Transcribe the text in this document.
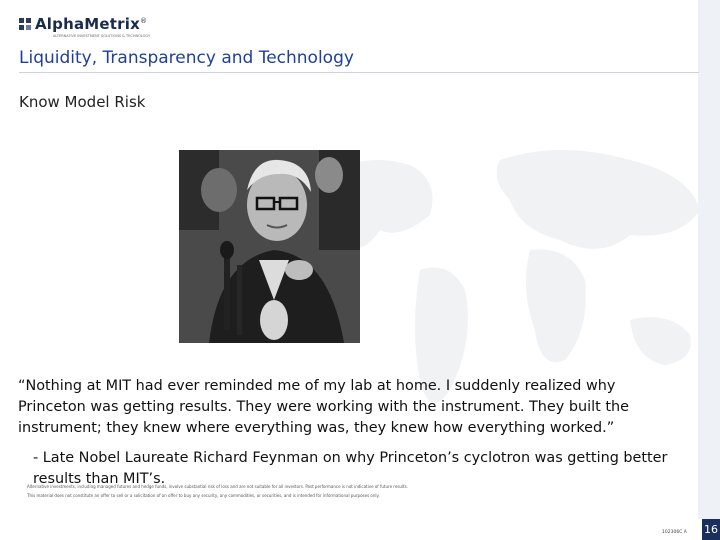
AlphaMetrix®
ALTERNATIVE INVESTMENT SOLUTIONS & TECHNOLOGY
Liquidity, Transparency and Technology
Know Model Risk
“Nothing at MIT had ever reminded me of my lab at home. I suddenly realized why Princeton was getting results. They were working with the instrument. They built the instrument; they knew where everything was, they knew how everything worked.”
- Late Nobel Laureate Richard Feynman on why Princeton’s cyclotron was getting better results than MIT’s.
Alternative investments, including managed futures and hedge funds, involve substantial risk of loss and are not suitable for all investors. Past performance is not indicative of future results.
This material does not constitute an offer to sell or a solicitation of an offer to buy any security, any commodities, or securities, and is intended for informational purposes only.
102306C A 16
